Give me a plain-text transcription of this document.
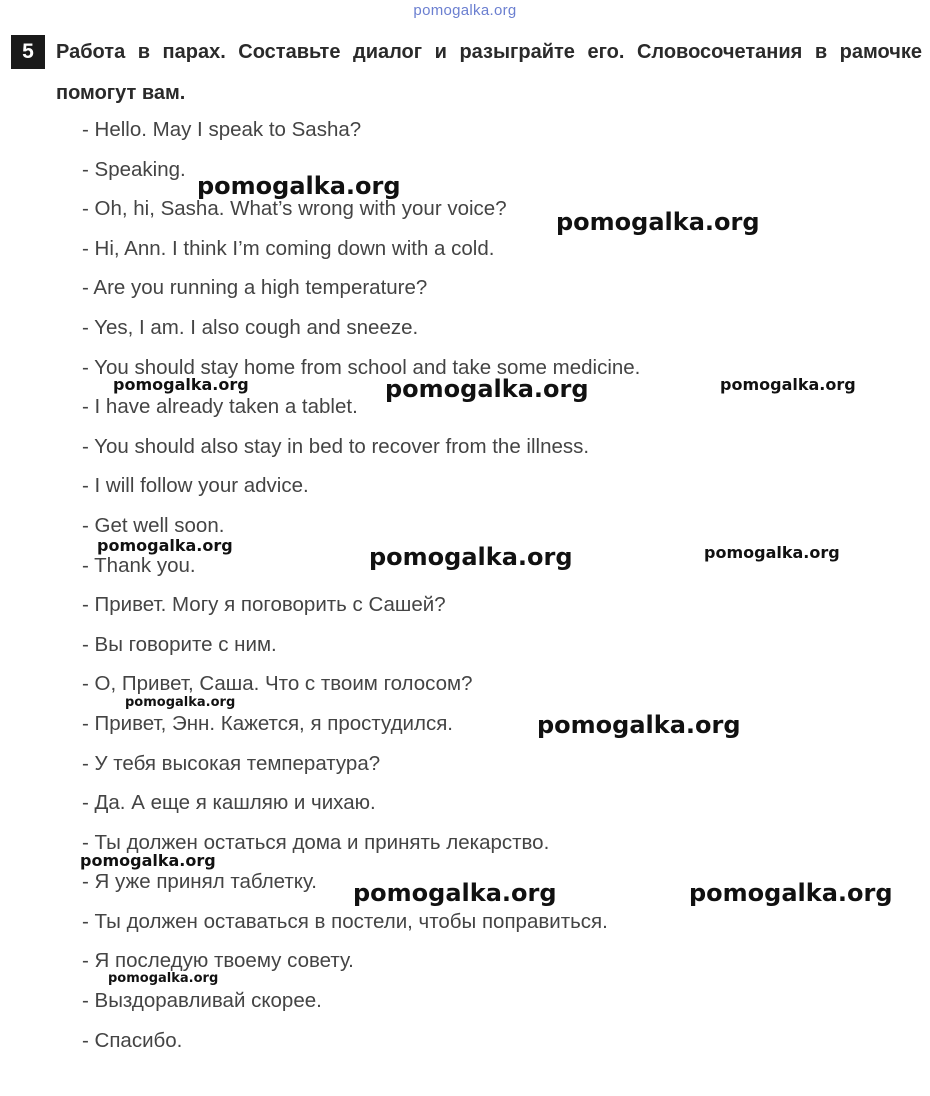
pomogalka.org
5	Работа в парах. Составьте диалог и разыграйте его. Словосочетания в рамочке помогут вам.

- Hello. May I speak to Sasha?
- Speaking.
- Oh, hi, Sasha. What’s wrong with your voice?
- Hi, Ann. I think I’m coming down with a cold.
- Are you running a high temperature?
- Yes, I am. I also cough and sneeze.
- You should stay home from school and take some medicine.
- I have already taken a tablet.
- You should also stay in bed to recover from the illness.
- I will follow your advice.
- Get well soon.
- Thank you.
- Привет. Могу я поговорить с Сашей?
- Вы говорите с ним.
- О, Привет, Саша. Что с твоим голосом?
- Привет, Энн. Кажется, я простудился.
- У тебя высокая температура?
- Да. А еще я кашляю и чихаю.
- Ты должен остаться дома и принять лекарство.
- Я уже принял таблетку.
- Ты должен оставаться в постели, чтобы поправиться.
- Я последую твоему совету.
- Выздоравливай скорее.
- Спасибо.
pomogalka.org
pomogalka.org
pomogalka.org	pomogalka.org	pomogalka.org
pomogalka.org	pomogalka.org	pomogalka.org
pomogalka.org
pomogalka.org
pomogalka.org
pomogalka.org	pomogalka.org
pomogalka.org
